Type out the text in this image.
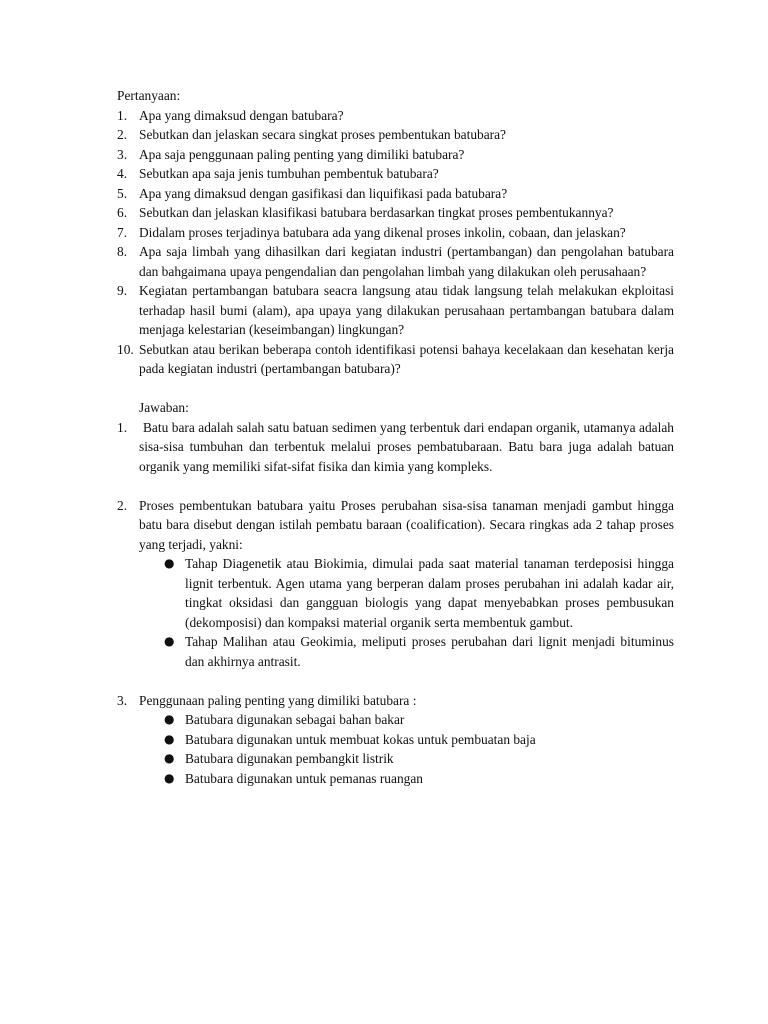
Pertanyaan:

1. Apa yang dimaksud dengan batubara?
2. Sebutkan dan jelaskan secara singkat proses pembentukan batubara?
3. Apa saja penggunaan paling penting yang dimiliki batubara?
4. Sebutkan apa saja jenis tumbuhan pembentuk batubara?
5. Apa yang dimaksud dengan gasifikasi dan liquifikasi pada batubara?
6. Sebutkan dan jelaskan klasifikasi batubara berdasarkan tingkat proses pembentukannya?
7. Didalam proses terjadinya batubara ada yang dikenal proses inkolin, cobaan, dan jelaskan?
8. Apa saja limbah yang dihasilkan dari kegiatan industri (pertambangan) dan pengolahan batubara dan bahgaimana upaya pengendalian dan pengolahan limbah yang dilakukan oleh perusahaan?
9. Kegiatan pertambangan batubara seacra langsung atau tidak langsung telah melakukan ekploitasi terhadap hasil bumi (alam), apa upaya yang dilakukan perusahaan pertambangan batubara dalam menjaga kelestarian (keseimbangan) lingkungan?
10. Sebutkan atau berikan beberapa contoh identifikasi potensi bahaya kecelakaan dan kesehatan kerja pada kegiatan industri (pertambangan batubara)?

Jawaban:

1. Batu bara adalah salah satu batuan sedimen yang terbentuk dari endapan organik, utamanya adalah sisa-sisa tumbuhan dan terbentuk melalui proses pembatubaraan. Batu bara juga adalah batuan organik yang memiliki sifat-sifat fisika dan kimia yang kompleks.
2. Proses pembentukan batubara yaitu Proses perubahan sisa-sisa tanaman menjadi gambut hingga batu bara disebut dengan istilah pembatu baraan (coalification). Secara ringkas ada 2 tahap proses yang terjadi, yakni:
● Tahap Diagenetik atau Biokimia, dimulai pada saat material tanaman terdeposisi hingga lignit terbentuk. Agen utama yang berperan dalam proses perubahan ini adalah kadar air, tingkat oksidasi dan gangguan biologis yang dapat menyebabkan proses pembusukan (dekomposisi) dan kompaksi material organik serta membentuk gambut.
● Tahap Malihan atau Geokimia, meliputi proses perubahan dari lignit menjadi bituminus dan akhirnya antrasit.
3. Penggunaan paling penting yang dimiliki batubara :
● Batubara digunakan sebagai bahan bakar
● Batubara digunakan untuk membuat kokas untuk pembuatan baja
● Batubara digunakan pembangkit listrik
● Batubara digunakan untuk pemanas ruangan
